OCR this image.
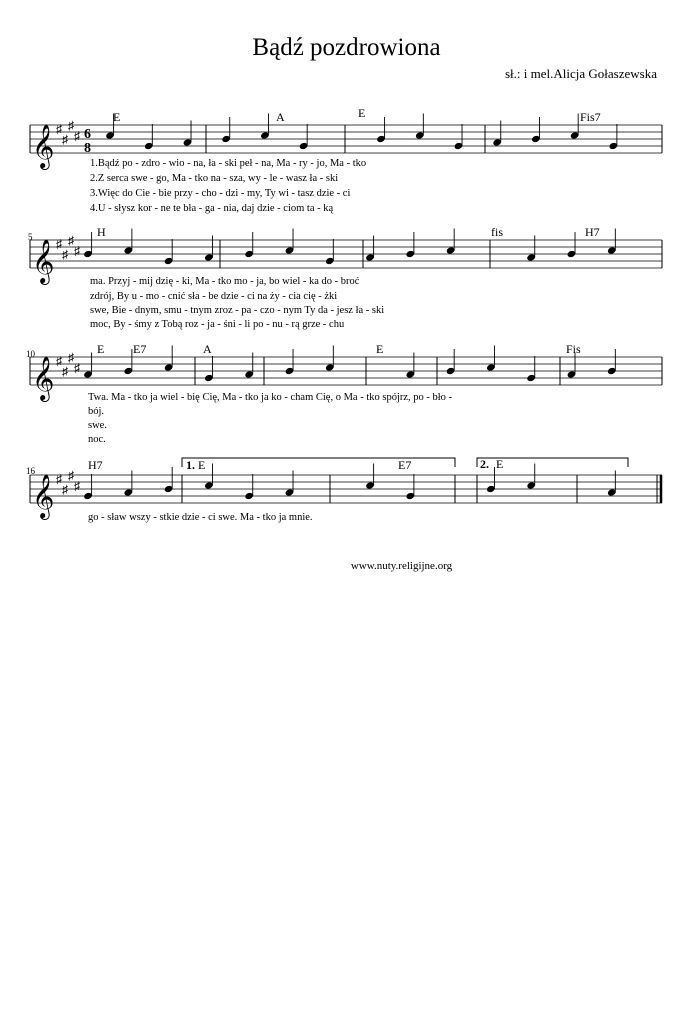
Bądź pozdrowiona
sł.: i mel.Alicja Gołaszewska
E	A	E	Fis7
H	fis	H7
E E7	A	E	Fis
H7	E	E7	E
5
10
16	1.	2.
1.Bądź po - zdro - wio - na, ła - ski peł - na, Ma - ry - jo, Ma - tko
2.Z serca swe - go, Ma - tko na - sza, wy - le - wasz ła - ski
3.Więc do Cie - bie przy - cho - dzi - my, Ty wi - tasz dzie - ci
4.U - słysz kor - ne te bła - ga - nia, daj dzie - ciom ta - ką
ma. Przyj - mij dzię - ki, Ma - tko mo - ja, bo wiel - ka do - broć
zdrój, By u - mo - cnić sła - be dzie - ci na ży - cia cię - żki
swe, Bie - dnym, smu - tnym zroz - pa - czo - nym Ty da - jesz ła - ski
moc, By - śmy z Tobą roz - ja - śni - li po - nu - rą grze - chu
Twa. Ma - tko ja wiel - bię Cię, Ma - tko ja ko - cham Cię, o Ma - tko spójrz, po - bło -
bój.
swe.
noc.
go - sław wszy - stkie dzie - ci swe. Ma - tko ja mnie.
www.nuty.religijne.org
𝄞 ♯
♯
♯
♯
𝄞 ♯
♯
♯
♯
𝄞 ♯
♯
♯
♯
𝄞 ♯
♯
♯
♯
6
8
